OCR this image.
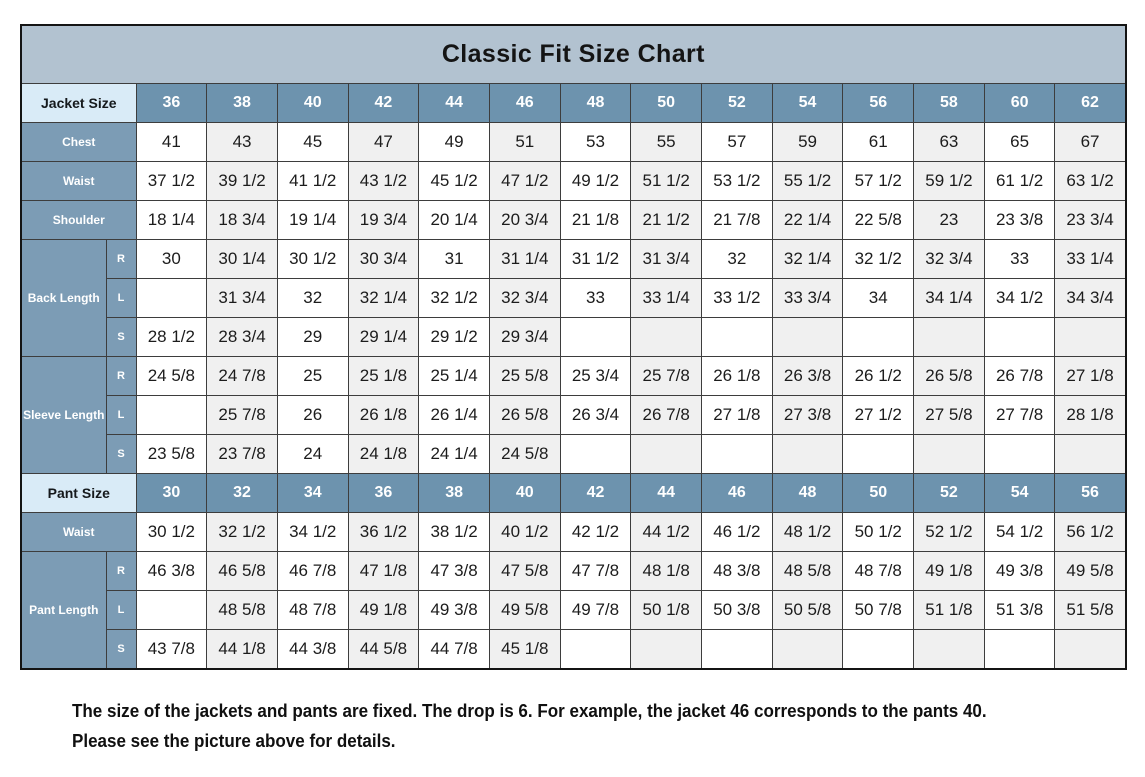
Classic Fit Size Chart															
Jacket Size		36	38	40	42	44	46	48	50	52	54	56	58	60	62
Chest		41	43	45	47	49	51	53	55	57	59	61	63	65	67
Waist		37 1/2	39 1/2	41 1/2	43 1/2	45 1/2	47 1/2	49 1/2	51 1/2	53 1/2	55 1/2	57 1/2	59 1/2	61 1/2	63 1/2
Shoulder		18 1/4	18 3/4	19 1/4	19 3/4	20 1/4	20 3/4	21 1/8	21 1/2	21 7/8	22 1/4	22 5/8	23	23 3/8	23 3/4
Back Length	R	30	30 1/4	30 1/2	30 3/4	31	31 1/4	31 1/2	31 3/4	32	32 1/4	32 1/2	32 3/4	33	33 1/4
	L		31 3/4	32	32 1/4	32 1/2	32 3/4	33	33 1/4	33 1/2	33 3/4	34	34 1/4	34 1/2	34 3/4
	S	28 1/2	28 3/4	29	29 1/4	29 1/2	29 3/4								
Sleeve Length	R	24 5/8	24 7/8	25	25 1/8	25 1/4	25 5/8	25 3/4	25 7/8	26 1/8	26 3/8	26 1/2	26 5/8	26 7/8	27 1/8
	L		25 7/8	26	26 1/8	26 1/4	26 5/8	26 3/4	26 7/8	27 1/8	27 3/8	27 1/2	27 5/8	27 7/8	28 1/8
	S	23 5/8	23 7/8	24	24 1/8	24 1/4	24 5/8								
Pant Size		30	32	34	36	38	40	42	44	46	48	50	52	54	56
Waist		30 1/2	32 1/2	34 1/2	36 1/2	38 1/2	40 1/2	42 1/2	44 1/2	46 1/2	48 1/2	50 1/2	52 1/2	54 1/2	56 1/2
Pant Length	R	46 3/8	46 5/8	46 7/8	47 1/8	47 3/8	47 5/8	47 7/8	48 1/8	48 3/8	48 5/8	48 7/8	49 1/8	49 3/8	49 5/8
	L		48 5/8	48 7/8	49 1/8	49 3/8	49 5/8	49 7/8	50 1/8	50 3/8	50 5/8	50 7/8	51 1/8	51 3/8	51 5/8
	S	43 7/8	44 1/8	44 3/8	44 5/8	44 7/8	45 1/8								
The size of the jackets and pants are fixed. The drop is 6. For example, the jacket 46 corresponds to the pants 40.
Please see the picture above for details.
